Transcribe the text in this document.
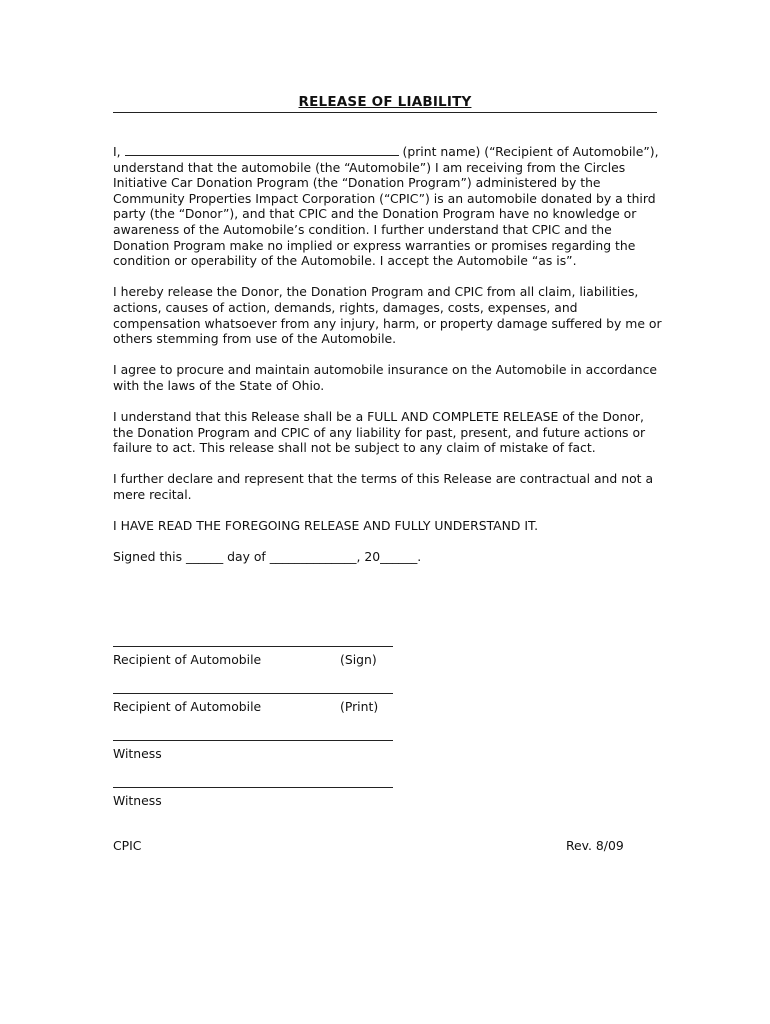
RELEASE OF LIABILITY

I,	(print name) (“Recipient of Automobile”), understand that the automobile (the “Automobile”) I am receiving from the Circles Initiative Car Donation Program (the “Donation Program”) administered by the Community Properties Impact Corporation (“CPIC”) is an automobile donated by a third party (the “Donor”), and that CPIC and the Donation Program have no knowledge or awareness of the Automobile’s condition. I further understand that CPIC and the Donation Program make no implied or express warranties or promises regarding the condition or operability of the Automobile. I accept the Automobile “as is”.

I hereby release the Donor, the Donation Program and CPIC from all claim, liabilities, actions, causes of action, demands, rights, damages, costs, expenses, and compensation whatsoever from any injury, harm, or property damage suffered by me or others stemming from use of the Automobile.

I agree to procure and maintain automobile insurance on the Automobile in accordance with the laws of the State of Ohio.

I understand that this Release shall be a FULL AND COMPLETE RELEASE of the Donor, the Donation Program and CPIC of any liability for past, present, and future actions or failure to act. This release shall not be subject to any claim of mistake of fact.

I further declare and represent that the terms of this Release are contractual and not a mere recital.

I HAVE READ THE FOREGOING RELEASE AND FULLY UNDERSTAND IT.

Signed this ______ day of ______________, 20______.

Recipient of Automobile	(Sign)
Recipient of Automobile	(Print)
Witness
Witness
CPIC	Rev. 8/09
